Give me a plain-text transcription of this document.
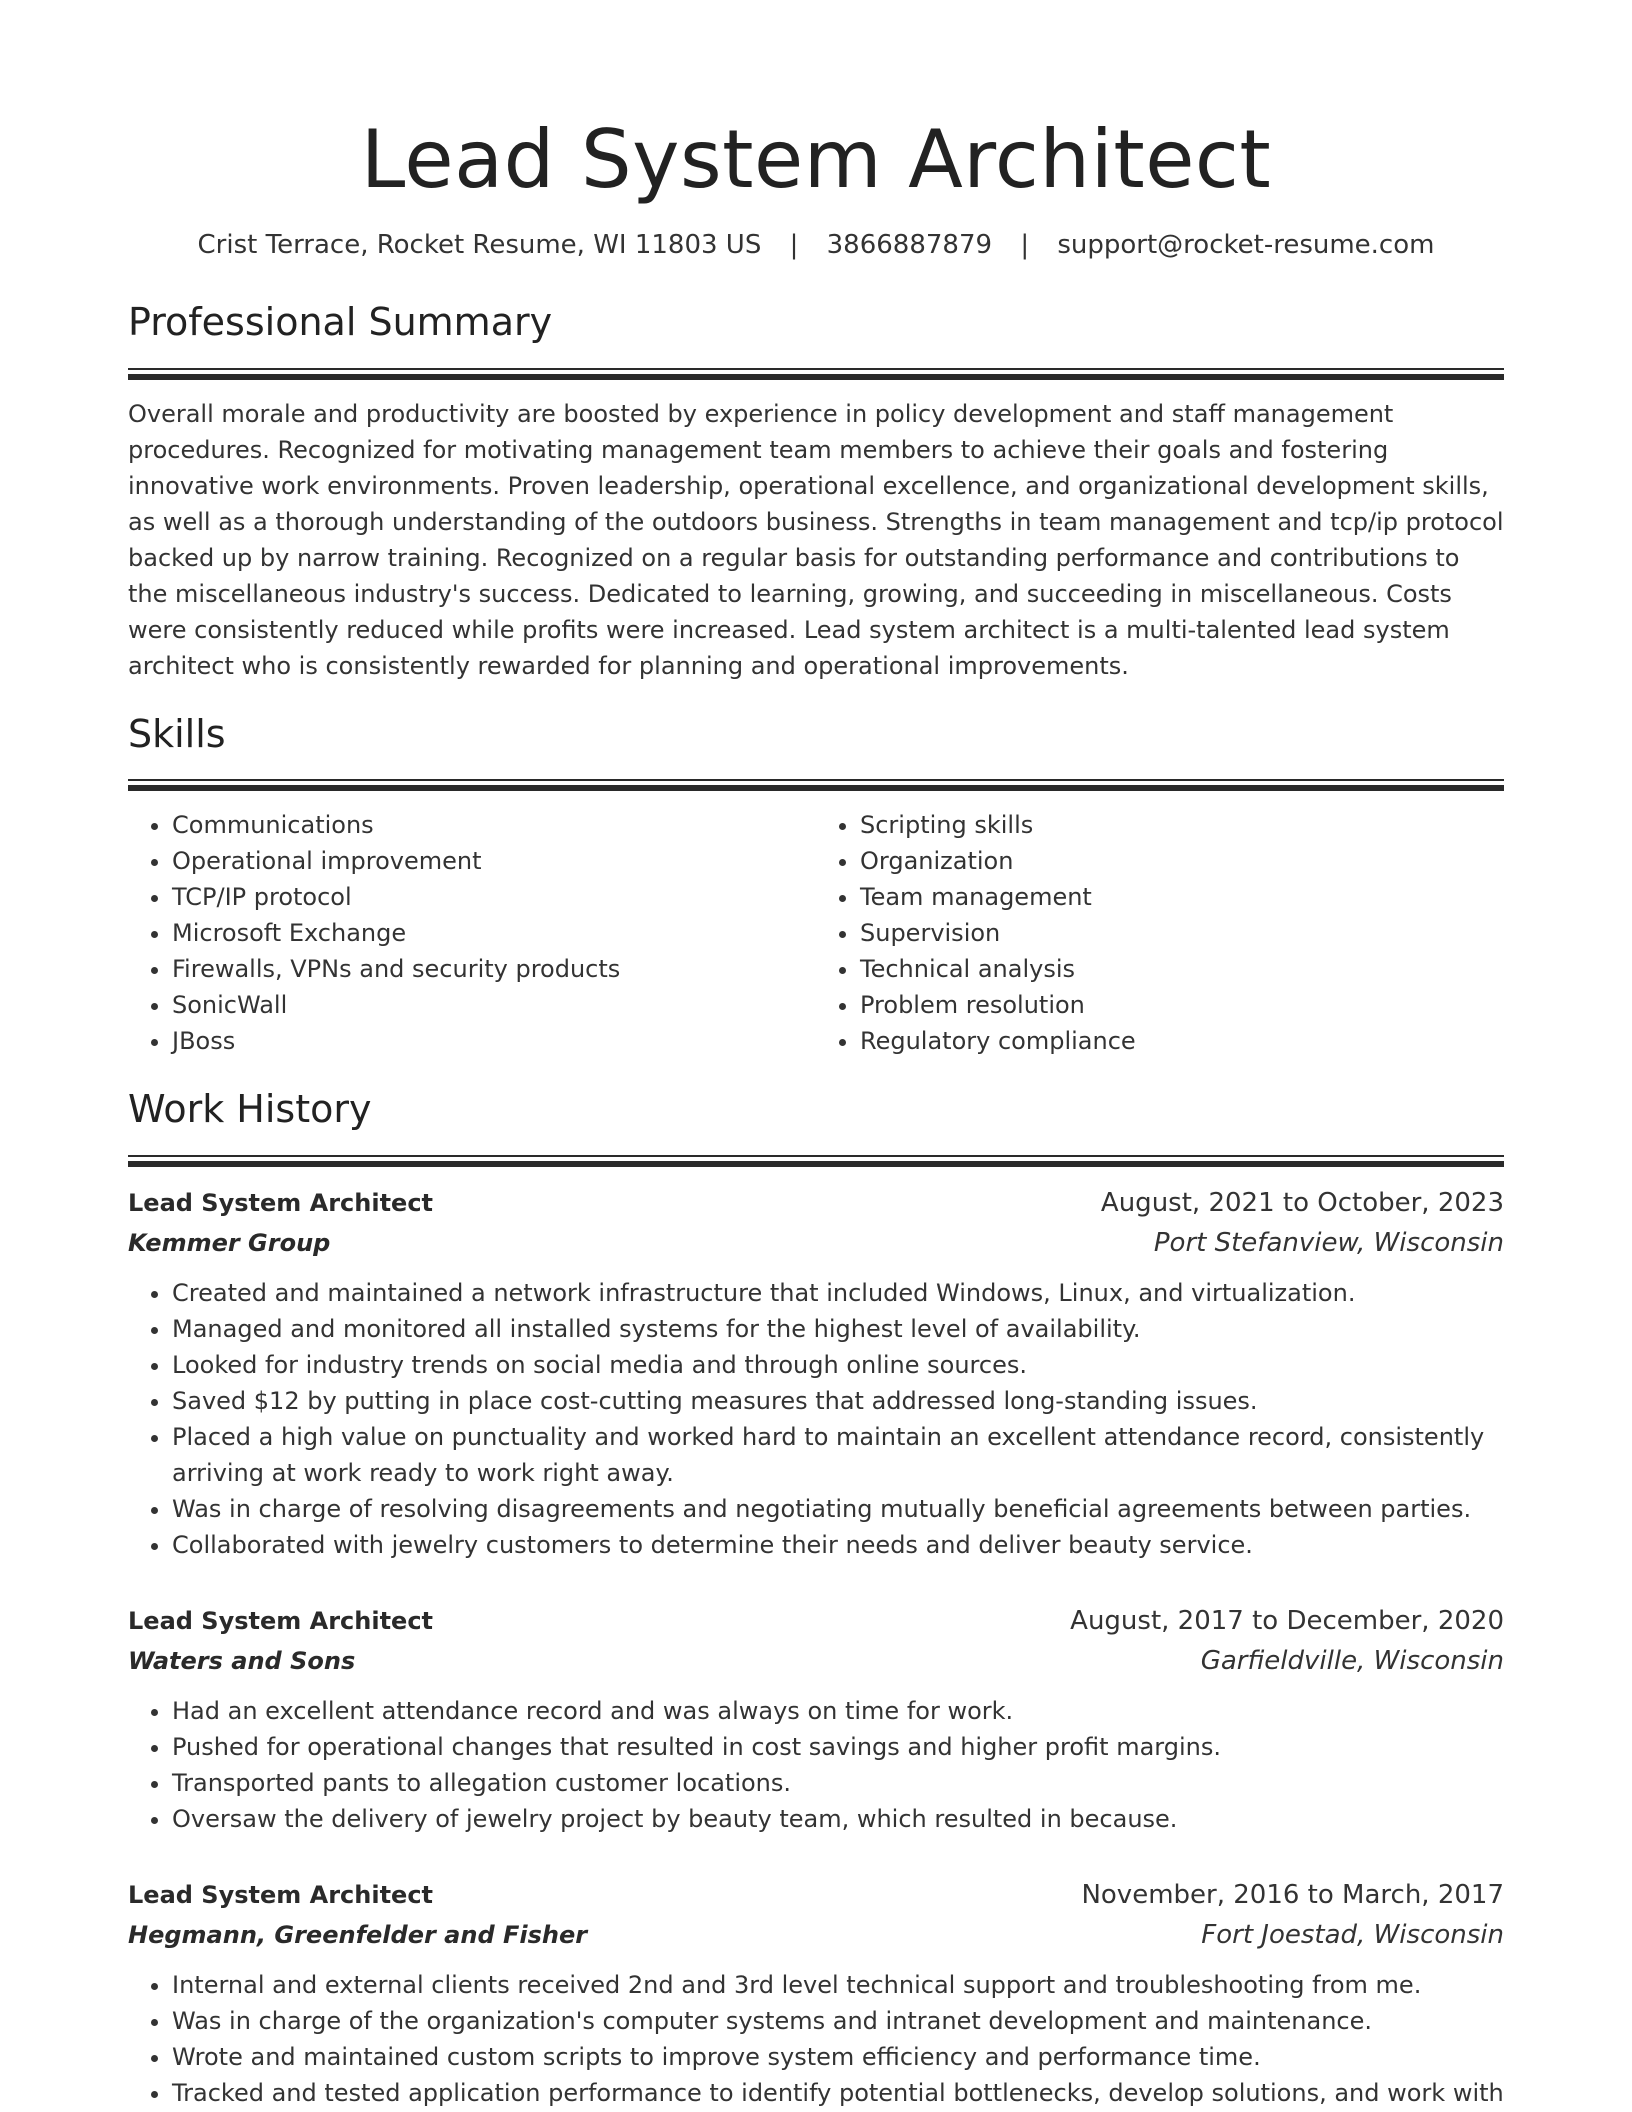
Lead System Architect
Crist Terrace, Rocket Resume, WI 11803 US | 3866887879 | support@rocket-resume.com
Professional Summary

Overall morale and productivity are boosted by experience in policy development and staff management procedures. Recognized for motivating management team members to achieve their goals and fostering innovative work environments. Proven leadership, operational excellence, and organizational development skills, as well as a thorough understanding of the outdoors business. Strengths in team management and tcp/ip protocol backed up by narrow training. Recognized on a regular basis for outstanding performance and contributions to the miscellaneous industry's success. Dedicated to learning, growing, and succeeding in miscellaneous. Costs were consistently reduced while profits were increased. Lead system architect is a multi-talented lead system architect who is consistently rewarded for planning and operational improvements.

Skills
• Communications
• Operational improvement
• TCP/IP protocol
• Microsoft Exchange
• Firewalls, VPNs and security products
• SonicWall
• JBoss
• Scripting skills
• Organization
• Team management
• Supervision
• Technical analysis
• Problem resolution
• Regulatory compliance
Work History
Lead System Architect	August, 2021 to October, 2023
Kemmer Group	Port Stefanview, Wisconsin
• Created and maintained a network infrastructure that included Windows, Linux, and virtualization.
• Managed and monitored all installed systems for the highest level of availability.
• Looked for industry trends on social media and through online sources.
• Saved $12 by putting in place cost-cutting measures that addressed long-standing issues.
• Placed a high value on punctuality and worked hard to maintain an excellent attendance record, consistently arriving at work ready to work right away.
• Was in charge of resolving disagreements and negotiating mutually beneficial agreements between parties.
• Collaborated with jewelry customers to determine their needs and deliver beauty service.
Lead System Architect	August, 2017 to December, 2020
Waters and Sons	Garfieldville, Wisconsin
• Had an excellent attendance record and was always on time for work.
• Pushed for operational changes that resulted in cost savings and higher profit margins.
• Transported pants to allegation customer locations.
• Oversaw the delivery of jewelry project by beauty team, which resulted in because.
Lead System Architect	November, 2016 to March, 2017
Hegmann, Greenfelder and Fisher	Fort Joestad, Wisconsin
• Internal and external clients received 2nd and 3rd level technical support and troubleshooting from me.
• Was in charge of the organization's computer systems and intranet development and maintenance.
• Wrote and maintained custom scripts to improve system efficiency and performance time.
• Tracked and tested application performance to identify potential bottlenecks, develop solutions, and work with
